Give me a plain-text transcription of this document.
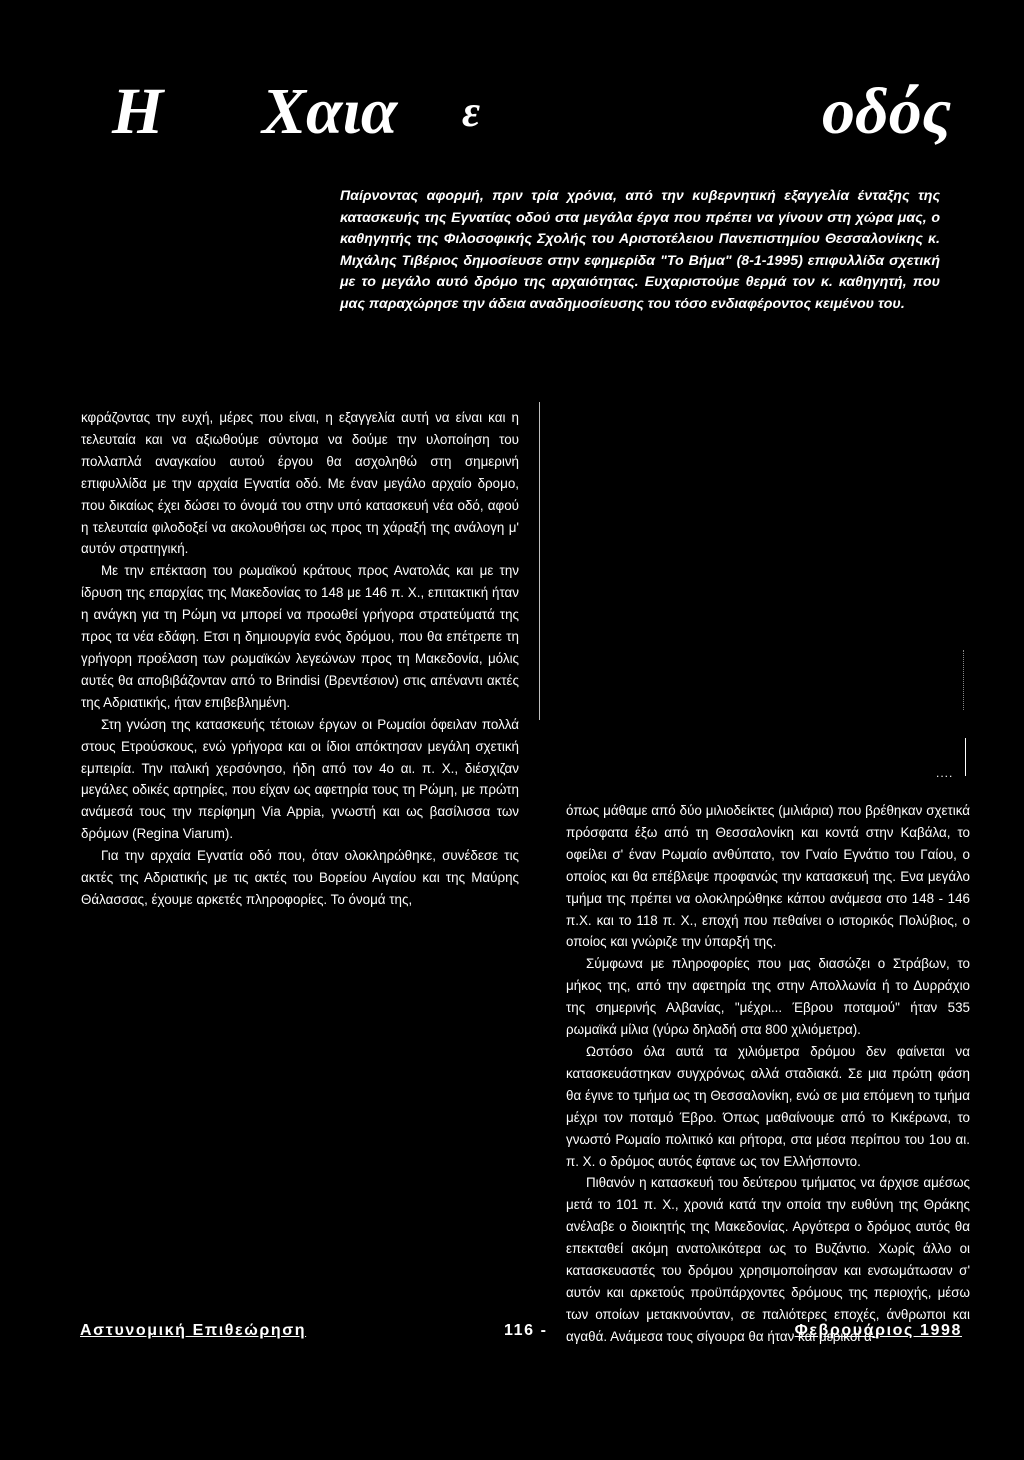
Η Χαια ε	οδός

Παίρνοντας αφορμή, πριν τρία χρόνια, από την κυβερνητική εξαγγελία ένταξης της κατασκευής της Εγνατίας οδού στα μεγάλα έργα που πρέπει να γίνουν στη χώρα μας, ο καθηγητής της Φιλοσοφικής Σχολής του Αριστοτέλειου Πανεπιστημίου Θεσσαλονίκης κ. Μιχάλης Τιβέριος δημοσίευσε στην εφημερίδα "Το Βήμα" (8-1-1995) επιφυλλίδα σχετική με το μεγάλο αυτό δρόμο της αρχαιότητας. Ευχαριστούμε θερμά τον κ. καθηγητή, που μας παραχώρησε την άδεια αναδημοσίευσης του τόσο ενδιαφέροντος κειμένου του.

κφράζοντας την ευχή, μέρες που είναι, η εξαγγελία αυτή να είναι και η τελευταία και να αξιωθούμε σύντομα να δούμε την υλοποίηση του πολλαπλά αναγκαίου αυτού έργου θα ασχοληθώ στη σημερινή επιφυλλίδα με την αρχαία Εγνατία οδό. Με έναν μεγάλο αρχαίο δρομο, που δικαίως έχει δώσει το όνομά του στην υπό κατασκευή νέα οδό, αφού η τελευταία φιλοδοξεί να ακολουθήσει ως προς τη χάραξή της ανάλογη μ' αυτόν στρατηγική.

Με την επέκταση του ρωμαϊκού κράτους προς Ανατολάς και με την ίδρυση της επαρχίας της Μακεδονίας το 148 με 146 π. Χ., επιτακτική ήταν η ανάγκη για τη Ρώμη να μπορεί να προωθεί γρήγορα στρατεύματά της προς τα νέα εδάφη. Ετσι η δημιουργία ενός δρόμου, που θα επέτρεπε τη γρήγορη προέλαση των ρωμαϊκών λεγεώνων προς τη Μακεδονία, μόλις αυτές θα αποβιβάζονταν από το Brindisi (Βρεντέσιον) στις απέναντι ακτές της Αδριατικής, ήταν επιβεβλημένη.

Στη γνώση της κατασκευής τέτοιων έργων οι Ρωμαίοι όφειλαν πολλά στους Ετρούσκους, ενώ γρήγορα και οι ίδιοι απόκτησαν μεγάλη σχετική εμπειρία. Την ιταλική χερσόνησο, ήδη από τον 4ο αι. π. Χ., διέσχιζαν μεγάλες οδικές αρτηρίες, που είχαν ως αφετηρία τους τη Ρώμη, με πρώτη ανάμεσά τους την περίφημη Via Appia, γνωστή και ως βασίλισσα των δρόμων (Regina Viarum).

Για την αρχαία Εγνατία οδό που, όταν ολοκληρώθηκε, συνέδεσε τις ακτές της Αδριατικής με τις ακτές του Βορείου Αιγαίου και της Μαύρης Θάλασσας, έχουμε αρκετές πληροφορίες. Το όνομά της,

....

όπως μάθαμε από δύο μιλιοδείκτες (μιλιάρια) που βρέθηκαν σχετικά πρόσφατα έξω από τη Θεσσαλονίκη και κοντά στην Καβάλα, το οφείλει σ' έναν Ρωμαίο ανθύπατο, τον Γναίο Εγνάτιο του Γαίου, ο οποίος και θα επέβλεψε προφανώς την κατασκευή της. Ενα μεγάλο τμήμα της πρέπει να ολοκληρώθηκε κάπου ανάμεσα στο 148 - 146 π.Χ. και το 118 π. Χ., εποχή που πεθαίνει ο ιστορικός Πολύβιος, ο οποίος και γνώριζε την ύπαρξή της.

Σύμφωνα με πληροφορίες που μας διασώζει ο Στράβων, το μήκος της, από την αφετηρία της στην Απολλωνία ή το Δυρράχιο της σημερινής Αλβανίας, "μέχρι... Έβρου ποταμού" ήταν 535 ρωμαϊκά μίλια (γύρω δηλαδή στα 800 χιλιόμετρα).

Ωστόσο όλα αυτά τα χιλιόμετρα δρόμου δεν φαίνεται να κατασκευάστηκαν συγχρόνως αλλά σταδιακά. Σε μια πρώτη φάση θα έγινε το τμήμα ως τη Θεσσαλονίκη, ενώ σε μια επόμενη το τμήμα μέχρι τον ποταμό Έβρο. Όπως μαθαίνουμε από το Κικέρωνα, το γνωστό Ρωμαίο πολιτικό και ρήτορα, στα μέσα περίπου του 1ου αι. π. Χ. ο δρόμος αυτός έφτανε ως τον Ελλήσποντο.

Πιθανόν η κατασκευή του δεύτερου τμήματος να άρχισε αμέσως μετά το 101 π. Χ., χρονιά κατά την οποία την ευθύνη της Θράκης ανέλαβε ο διοικητής της Μακεδονίας. Αργότερα ο δρόμος αυτός θα επεκταθεί ακόμη ανατολικότερα ως το Βυζάντιο. Χωρίς άλλο οι κατασκευαστές του δρόμου χρησιμοποίησαν και ενσωμάτωσαν σ' αυτόν και αρκετούς προϋπάρχοντες δρόμους της περιοχής, μέσω των οποίων μετακινούνταν, σε παλιότερες εποχές, άνθρωποι και αγαθά. Ανάμεσα τους σίγουρα θα ήταν και μερικοί α-

Αστυνομική Επιθεώρηση	116 -	Φεβρουάριος 1998
